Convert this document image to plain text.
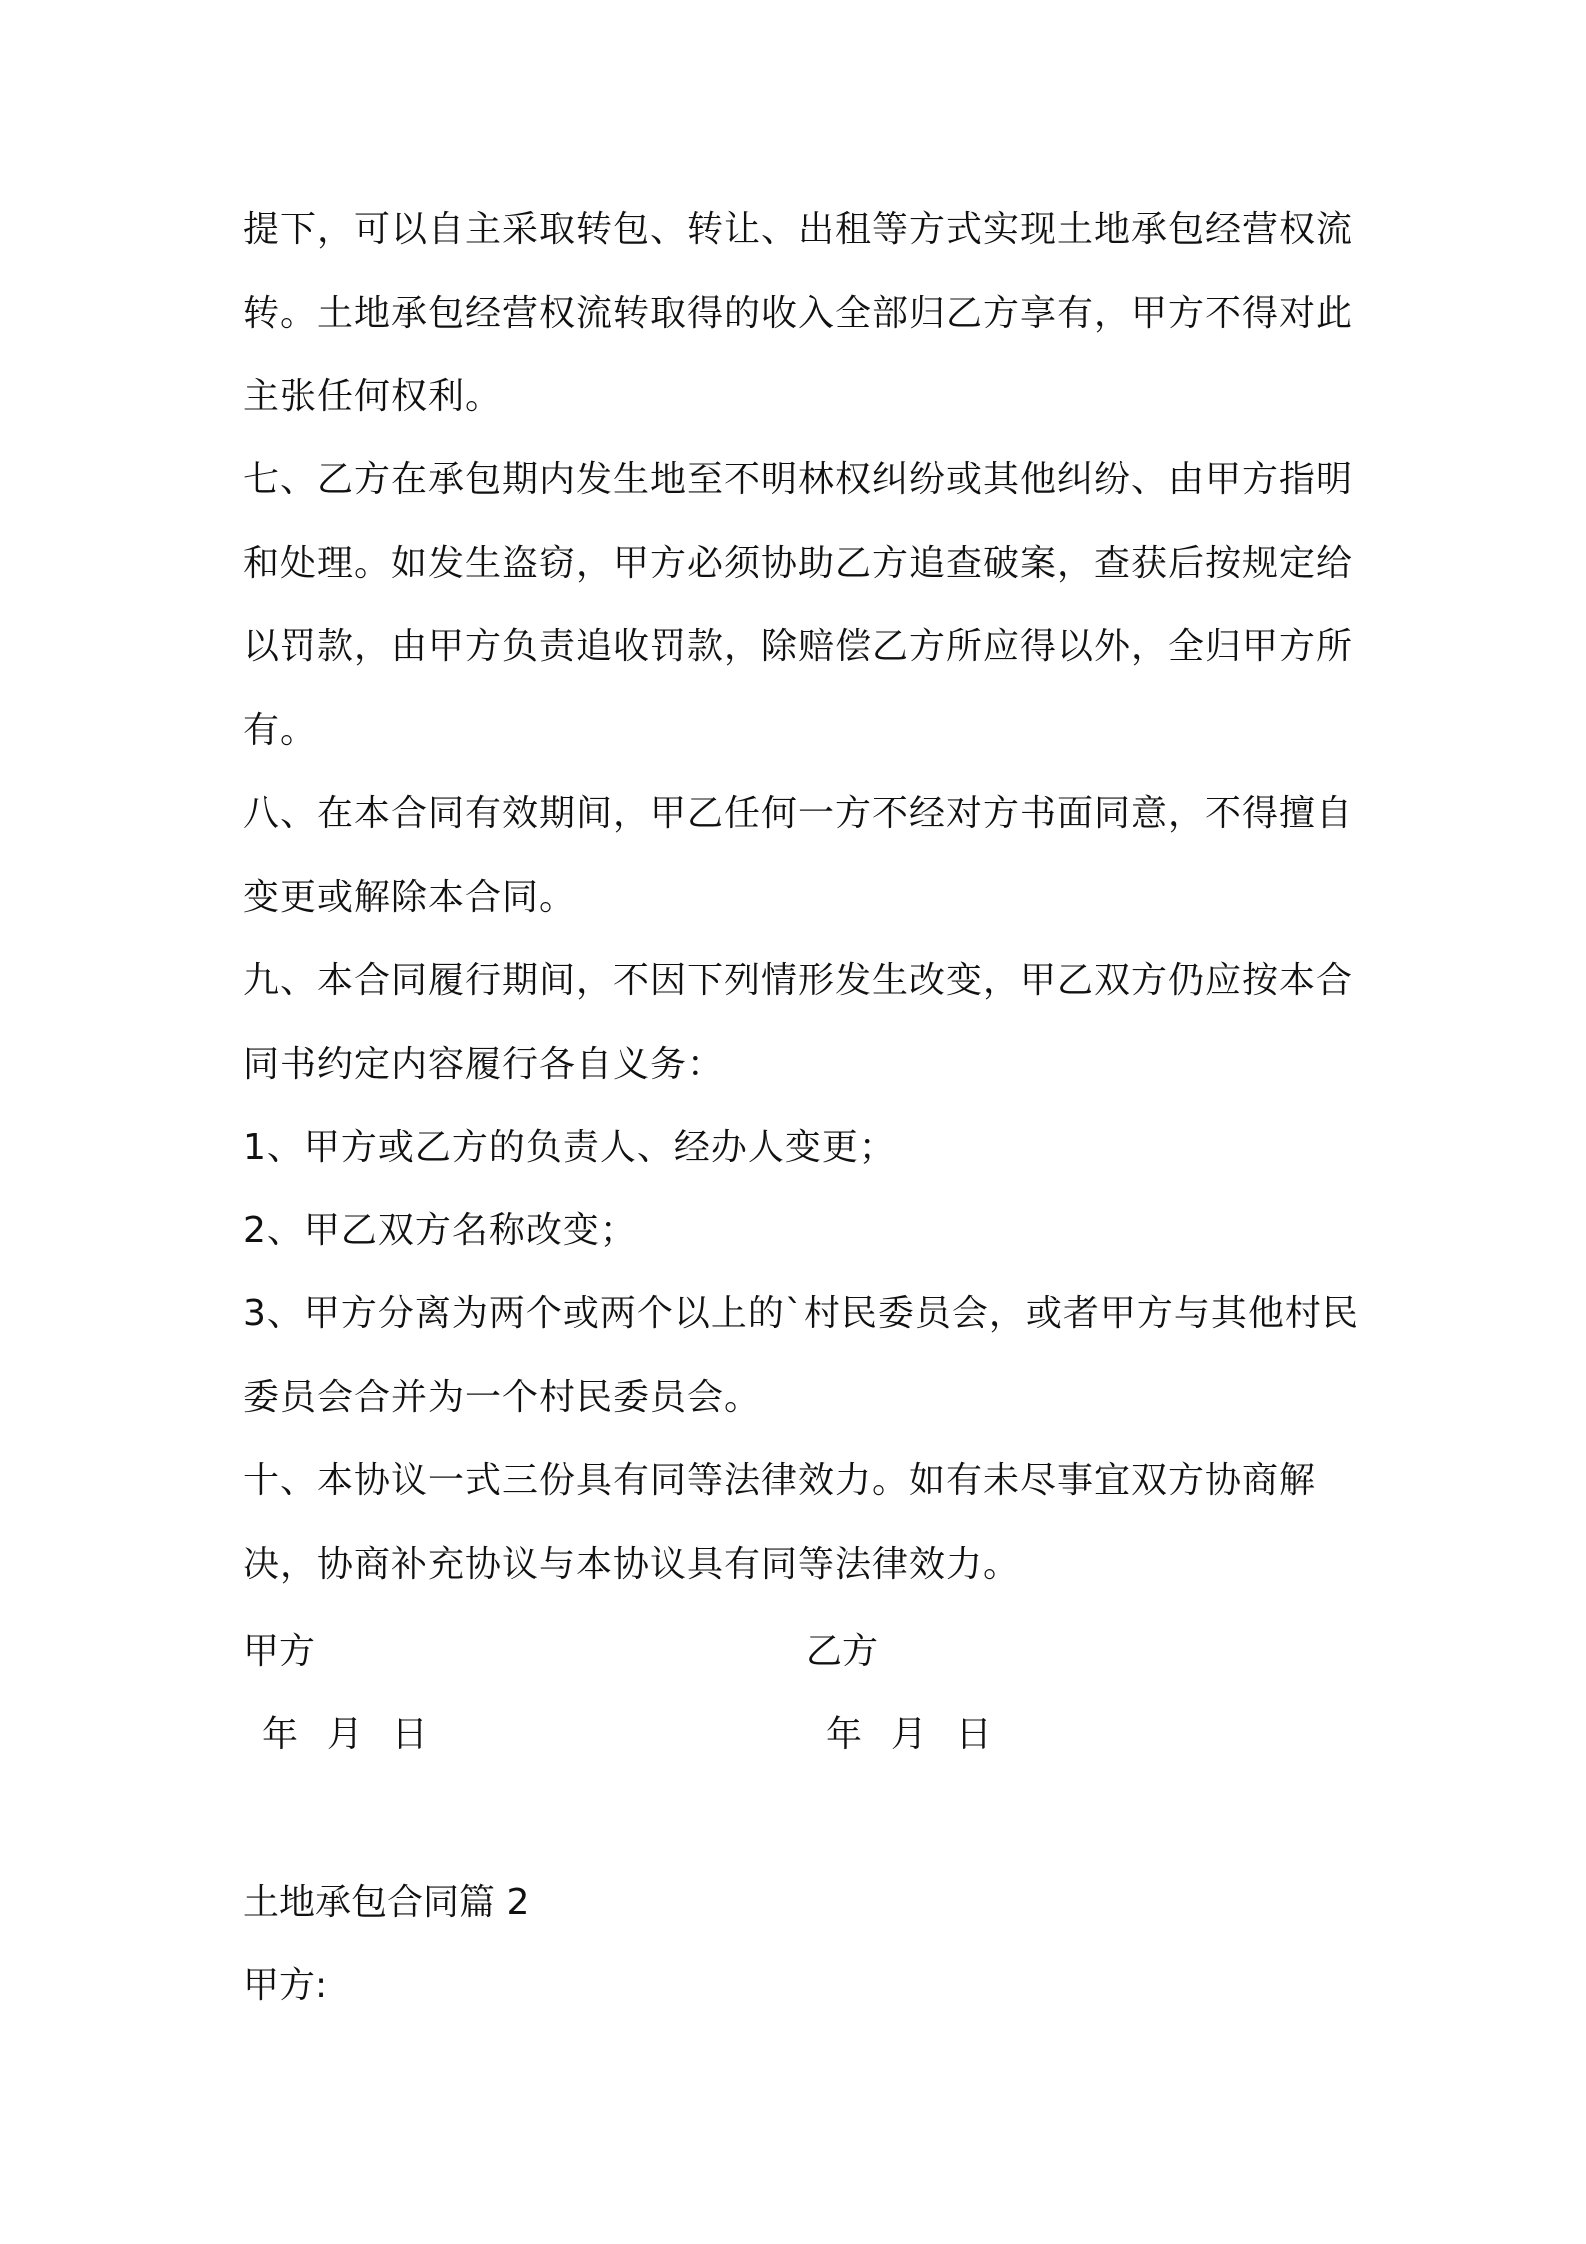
提下，可以自主采取转包、转让、出租等方式实现土地承包经营权流转。土地承包经营权流转取得的收入全部归乙方享有，甲方不得对此主张任何权利。

七、乙方在承包期内发生地至不明林权纠纷或其他纠纷、由甲方指明和处理。如发生盗窃，甲方必须协助乙方追查破案，查获后按规定给以罚款，由甲方负责追收罚款，除赔偿乙方所应得以外，全归甲方所有。

八、在本合同有效期间，甲乙任何一方不经对方书面同意，不得擅自变更或解除本合同。

九、本合同履行期间，不因下列情形发生改变，甲乙双方仍应按本合同书约定内容履行各自义务：

1、甲方或乙方的负责人、经办人变更；

2、甲乙双方名称改变；

3、甲方分离为两个或两个以上的`村民委员会，或者甲方与其他村民委员会合并为一个村民委员会。

十、本协议一式三份具有同等法律效力。如有未尽事宜双方协商解决，协商补充协议与本协议具有同等法律效力。

甲方	乙方

年  月  日	年  月  日

土地承包合同篇 2

甲方:
